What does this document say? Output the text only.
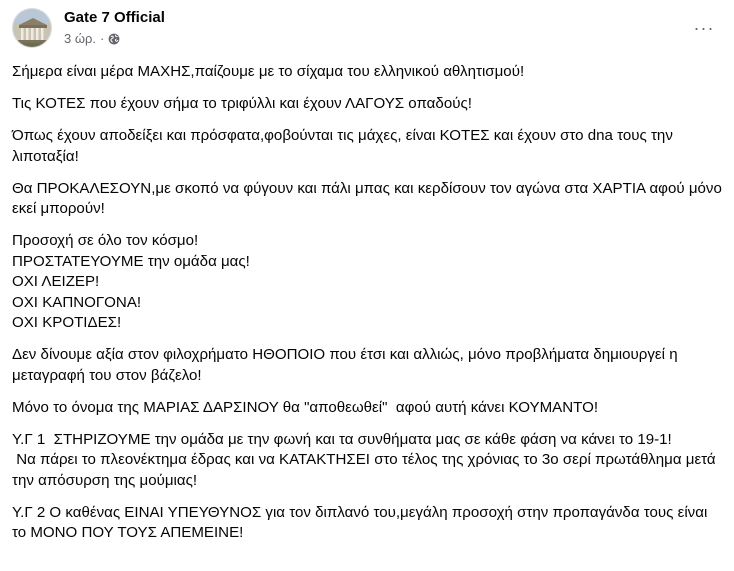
Gate 7 Official
3 ώρ. ·
···

Σήμερα είναι μέρα ΜΑΧΗΣ,παίζουμε με το σίχαμα του ελληνικού αθλητισμού!

Τις ΚΟΤΕΣ που έχουν σήμα το τριφύλλι και έχουν ΛΑΓΟΥΣ οπαδούς!

Όπως έχουν αποδείξει και πρόσφατα,φοβούνται τις μάχες, είναι ΚΟΤΕΣ και έχουν στο dna τους την λιποταξία!

Θα ΠΡΟΚΑΛΕΣΟΥΝ,με σκοπό να φύγουν και πάλι μπας και κερδίσουν τον αγώνα στα ΧΑΡΤΙΑ αφού μόνο εκεί μπορούν!

Προσοχή σε όλο τον κόσμο!
ΠΡΟΣΤΑΤΕΥΟΥΜΕ την ομάδα μας!
ΟΧΙ ΛΕΙΖΕΡ!
ΟΧΙ ΚΑΠΝΟΓΟΝΑ!
ΟΧΙ ΚΡΟΤΙΔΕΣ!

Δεν δίνουμε αξία στον φιλοχρήματο ΗΘΟΠΟΙΟ που έτσι και αλλιώς, μόνο προβλήματα δημιουργεί η μεταγραφή του στον βάζελο!

Μόνο το όνομα της ΜΑΡΙΑΣ ΔΑΡΣΙΝΟΥ θα "αποθεωθεί"  αφού αυτή κάνει ΚΟΥΜΑΝΤΟ!

Υ.Γ 1  ΣΤΗΡΙΖΟΥΜΕ την ομάδα με την φωνή και τα συνθήματα μας σε κάθε φάση να κάνει το 19-1!
Να πάρει το πλεονέκτημα έδρας και να ΚΑΤΑΚΤΗΣΕΙ στο τέλος της χρόνιας το 3ο σερί πρωτάθλημα μετά την απόσυρση της μούμιας!

Υ.Γ 2 Ο καθένας ΕΙΝΑΙ ΥΠΕΥΘΥΝΟΣ για τον διπλανό του,μεγάλη προσοχή στην προπαγάνδα τους είναι το ΜΟΝΟ ΠΟΥ ΤΟΥΣ ΑΠΕΜΕΙΝΕ!
